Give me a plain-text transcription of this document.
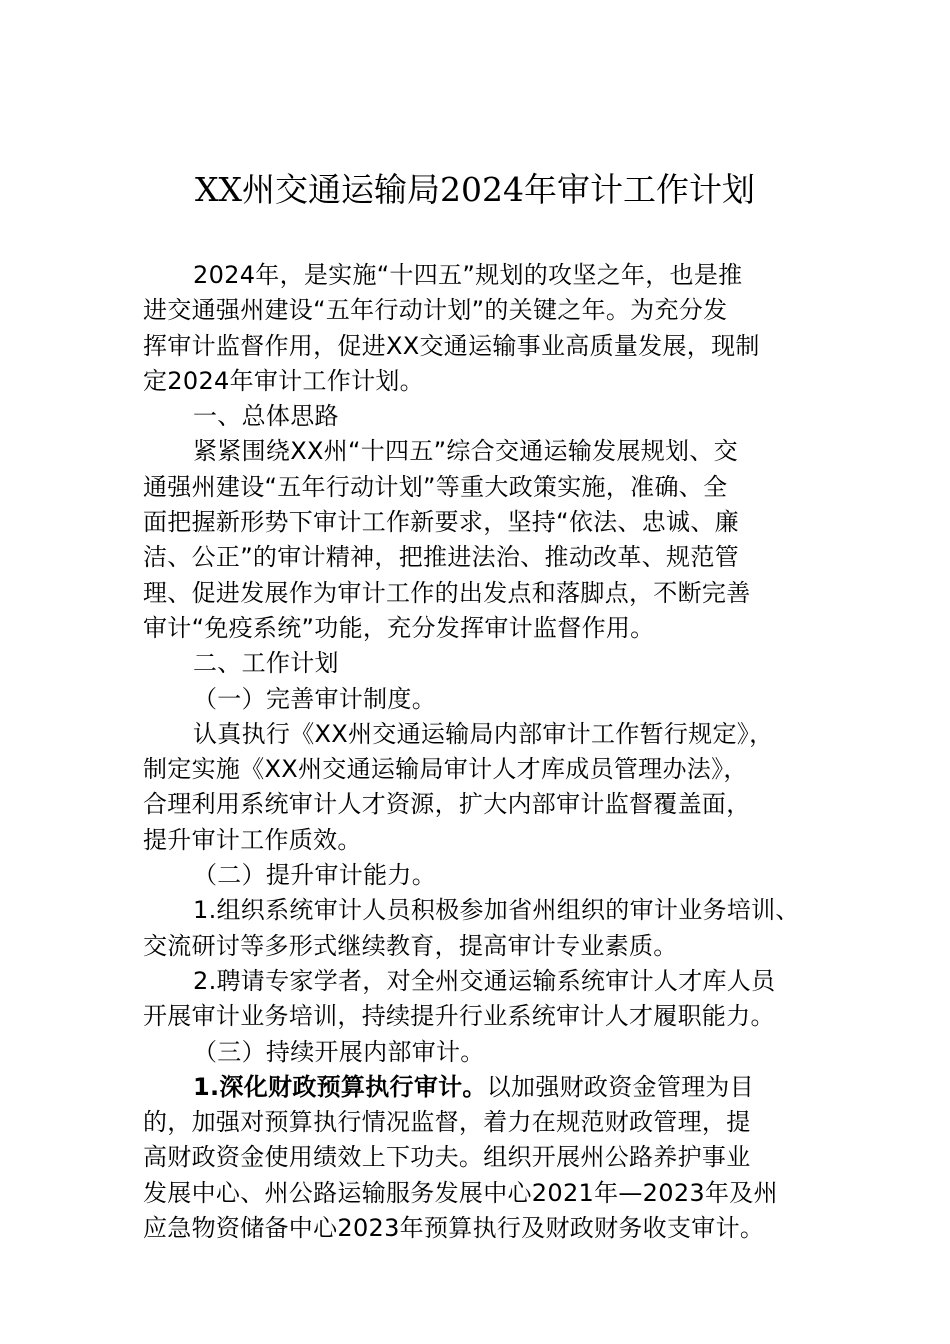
XX州交通运输局2024年审计工作计划
2024年，是实施“十四五”规划的攻坚之年，也是推
进交通强州建设“五年行动计划”的关键之年。为充分发
挥审计监督作用，促进XX交通运输事业高质量发展，现制
定2024年审计工作计划。
一、总体思路
紧紧围绕XX州“十四五”综合交通运输发展规划、交
通强州建设“五年行动计划”等重大政策实施，准确、全
面把握新形势下审计工作新要求，坚持“依法、忠诚、廉
洁、公正”的审计精神，把推进法治、推动改革、规范管
理、促进发展作为审计工作的出发点和落脚点，不断完善
审计“免疫系统”功能，充分发挥审计监督作用。
二、工作计划
（一）完善审计制度。
认真执行《XX州交通运输局内部审计工作暂行规定》，
制定实施《XX州交通运输局审计人才库成员管理办法》，
合理利用系统审计人才资源，扩大内部审计监督覆盖面，
提升审计工作质效。
（二）提升审计能力。
1.组织系统审计人员积极参加省州组织的审计业务培训、
交流研讨等多形式继续教育，提高审计专业素质。
2.聘请专家学者，对全州交通运输系统审计人才库人员
开展审计业务培训，持续提升行业系统审计人才履职能力。
（三）持续开展内部审计。
1.深化财政预算执行审计。以加强财政资金管理为目
的，加强对预算执行情况监督，着力在规范财政管理，提
高财政资金使用绩效上下功夫。组织开展州公路养护事业
发展中心、州公路运输服务发展中心2021年—2023年及州
应急物资储备中心2023年预算执行及财政财务收支审计。
